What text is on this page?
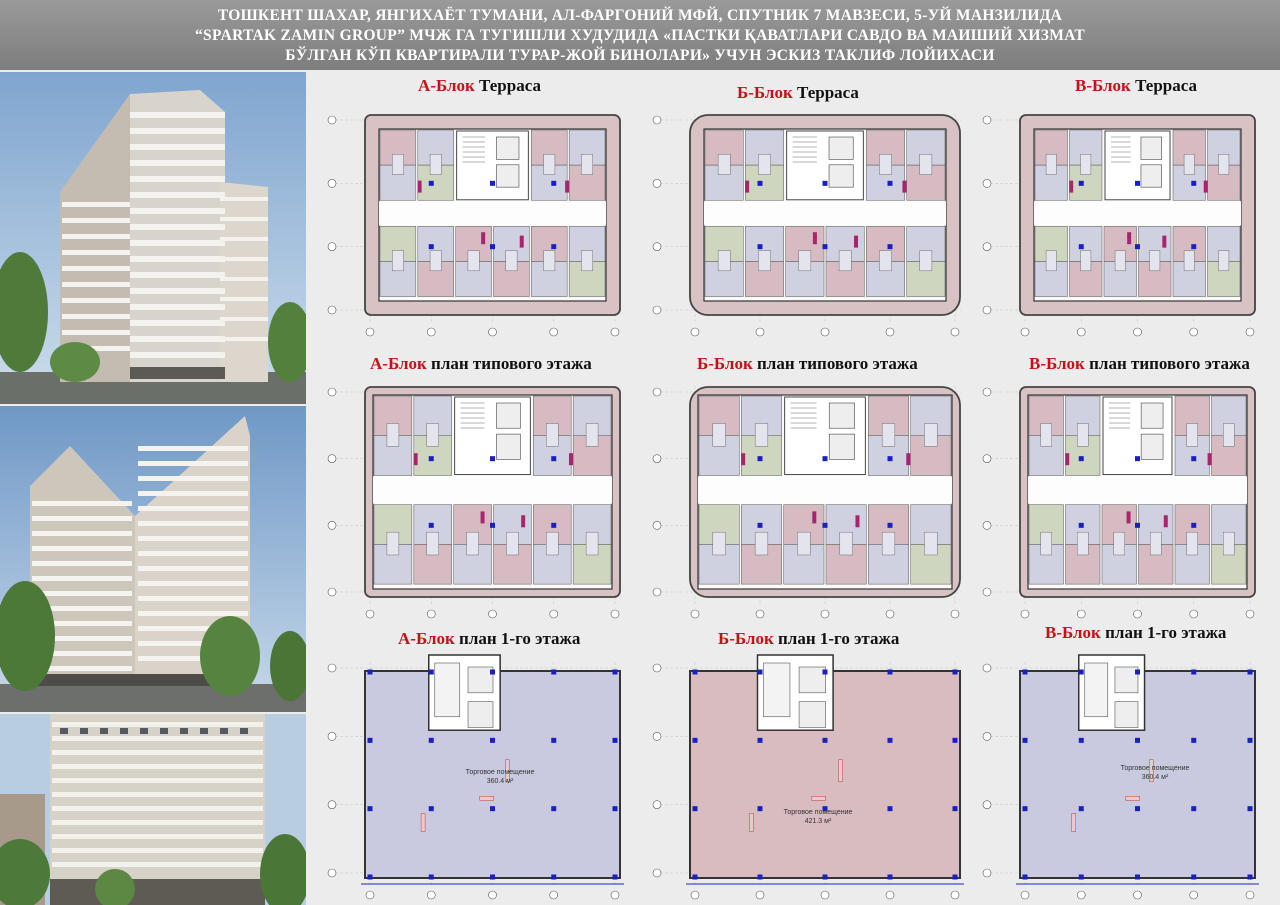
ТОШКЕНТ ШАХАР, ЯНГИХАЁТ ТУМАНИ, АЛ-ФАРГОНИЙ МФЙ, СПУТНИК 7 МАВЗЕСИ, 5-УЙ МАНЗИЛИДА
“SPARTAK ZAMIN GROUP” МЧЖ ГА ТУГИШЛИ ХУДУДИДА «ПАСТКИ ҚАВАТЛАРИ САВДО ВА МАИШИЙ ХИЗМАТ
БЎЛГАН КЎП КВАРТИРАЛИ ТУРАР-ЖОЙ БИНОЛАРИ» УЧУН ЭСКИЗ ТАКЛИФ ЛОЙИХАСИ
А-Блок Терраса	Б-Блок Терраса	В-Блок Терраса
А-Блок план типового этажа	Б-Блок план типового этажа	В-Блок план типового этажа
А-Блок план 1-го этажа	Б-Блок план 1-го этажа	В-Блок план 1-го этажа
Торговое помещение
360.4 м²
Торговое помещение
421.3 м²
Торговое помещение
360.4 м²
